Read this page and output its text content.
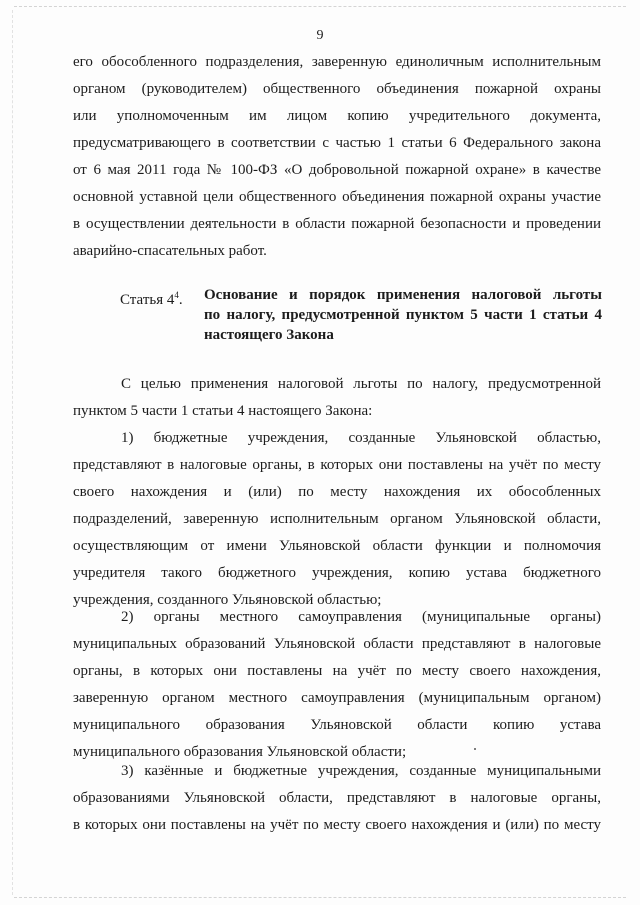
9
его обособленного подразделения, заверенную единоличным исполнительным
органом (руководителем) общественного объединения пожарной охраны
или уполномоченным им лицом копию учредительного документа,
предусматривающего в соответствии с частью 1 статьи 6 Федерального закона
от 6 мая 2011 года № 100-ФЗ «О добровольной пожарной охране» в качестве
основной уставной цели общественного объединения пожарной охраны участие
в осуществлении деятельности в области пожарной безопасности и проведении
аварийно-спасательных работ.
Статья $4^4$.	Основание и порядок применения налоговой льготы
по налогу, предусмотренной пунктом 5 части 1 статьи 4
настоящего Закона
С целью применения налоговой льготы по налогу, предусмотренной
пунктом 5 части 1 статьи 4 настоящего Закона:
1) бюджетные учреждения, созданные Ульяновской областью,
представляют в налоговые органы, в которых они поставлены на учёт по месту
своего нахождения и (или) по месту нахождения их обособленных
подразделений, заверенную исполнительным органом Ульяновской области,
осуществляющим от имени Ульяновской области функции и полномочия
учредителя такого бюджетного учреждения, копию устава бюджетного
учреждения, созданного Ульяновской областью;
2) органы местного самоуправления (муниципальные органы)
муниципальных образований Ульяновской области представляют в налоговые
органы, в которых они поставлены на учёт по месту своего нахождения,
заверенную органом местного самоуправления (муниципальным органом)
муниципального образования Ульяновской области копию устава
муниципального образования Ульяновской области;
3) казённые и бюджетные учреждения, созданные муниципальными
образованиями Ульяновской области, представляют в налоговые органы,
в которых они поставлены на учёт по месту своего нахождения и (или) по месту
